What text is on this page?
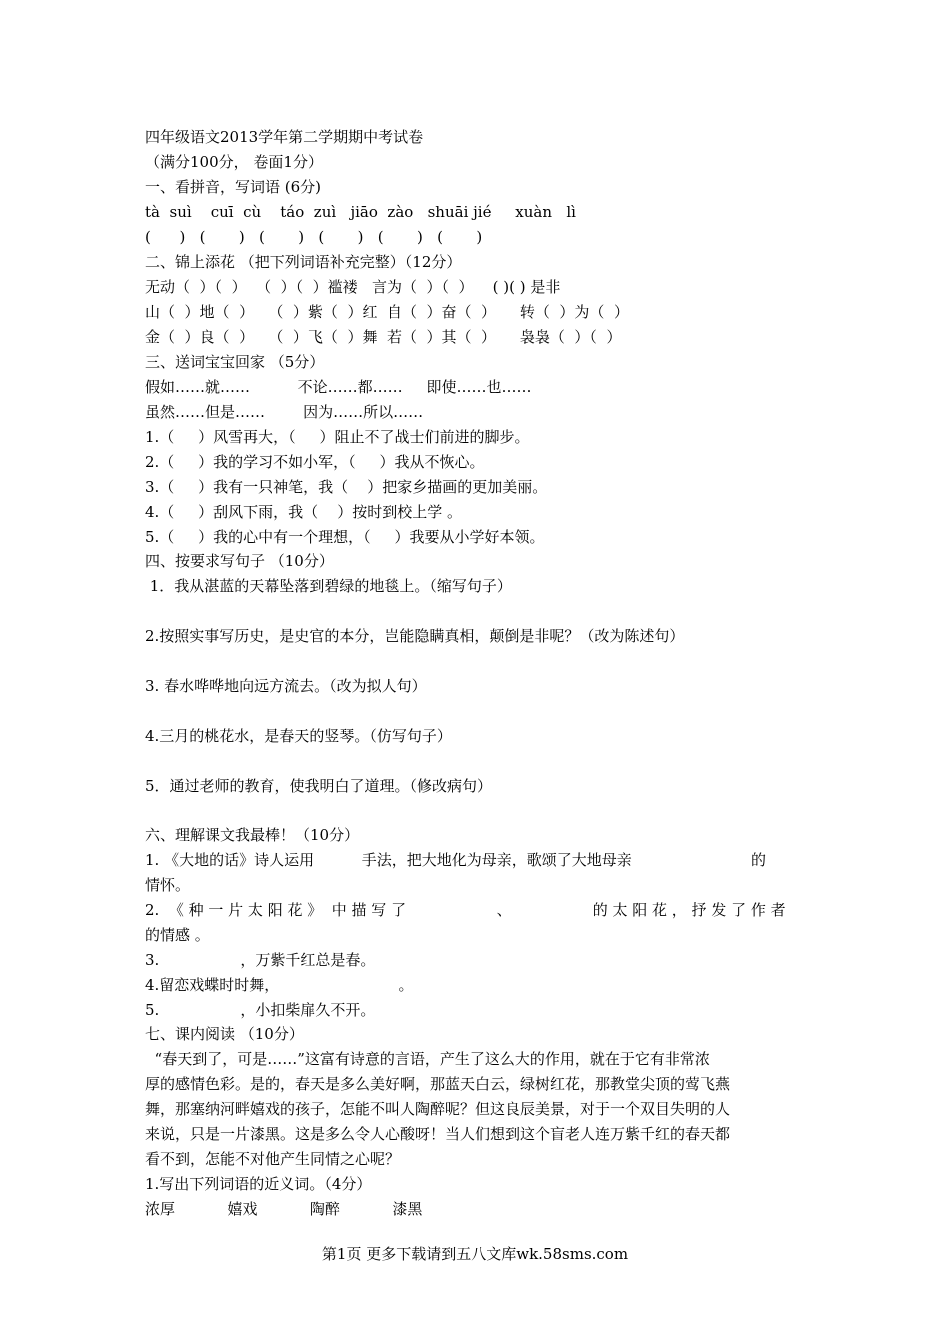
四年级语文2013学年第二学期期中考试卷
（满分100分， 卷面1分）
一、看拼音，写词语 (6分)
tà  suì    cuī  cù    táo  zuì   jiāo  zào   shuāi jié     xuàn   lì
(      )   (       )   (       )   (       )   (       )   (       )
二、锦上添花 （把下列词语补充完整）（12分）
无动（  ）（  ）  （  ）（  ）褴褛   言为（  ）（  ）    ( )( ) 是非
山（  ）地（  ）   （  ）紫（  ）红  自（  ）奋（  ）     转（  ）为（  ）
金（  ）良（  ）   （  ）飞（  ）舞  若（  ）其（  ）     袅袅（  ）（  ）
三、送词宝宝回家 （5分）
假如……就……          不论……都……     即使……也……
虽然……但是……        因为……所以……
1.（     ）风雪再大，（     ）阻止不了战士们前进的脚步。
2.（     ）我的学习不如小军，（     ）我从不恢心。
3.（     ）我有一只神笔，我（    ）把家乡描画的更加美丽。
4.（     ）刮风下雨，我（    ）按时到校上学 。
5.（     ）我的心中有一个理想，（     ）我要从小学好本领。
四、按要求写句子 （10分）
1．我从湛蓝的天幕坠落到碧绿的地毯上。（缩写句子）
2.按照实事写历史，是史官的本分，岂能隐瞒真相，颠倒是非呢？（改为陈述句）
3. 春水哗哗地向远方流去。（改为拟人句）
4.三月的桃花水，是春天的竖琴。（仿写句子）
5．通过老师的教育，使我明白了道理。（修改病句）
六、理解课文我最棒！（10分）
1. 《大地的话》诗人运用          手法，把大地化为母亲，歌颂了大地母亲                         的
情怀。
2.  《 种 一 片 太 阳 花 》  中 描 写 了                   、                 的 太 阳 花 ， 抒 发 了 作 者
的情感 。
3.                 ，万紫千红总是春。
4.留恋戏蝶时时舞，                         。
5.                 ，小扣柴扉久不开。
七、课内阅读 （10分）
“春天到了，可是……”这富有诗意的言语，产生了这么大的作用，就在于它有非常浓
厚的感情色彩。是的，春天是多么美好啊，那蓝天白云，绿树红花，那教堂尖顶的莺飞燕
舞，那塞纳河畔嬉戏的孩子，怎能不叫人陶醉呢？但这良辰美景，对于一个双目失明的人
来说，只是一片漆黑。这是多么令人心酸呀！当人们想到这个盲老人连万紫千红的春天都
看不到，怎能不对他产生同情之心呢？
1.写出下列词语的近义词。（4分）
浓厚           嬉戏           陶醉           漆黑
第1页 更多下载请到五八文库wk.58sms.com
